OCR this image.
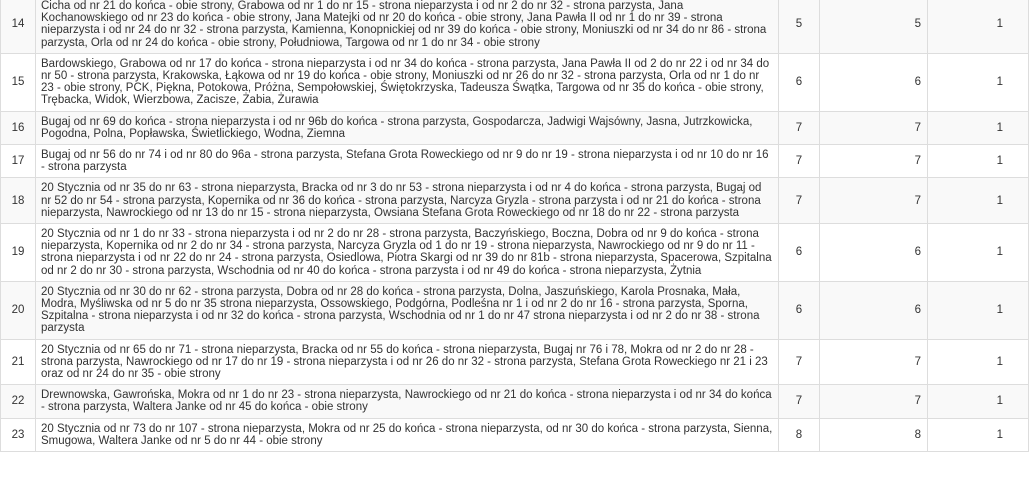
14	Cicha od nr 21 do końca - obie strony, Grabowa od nr 1 do nr 15 - strona nieparzysta i od nr 2 do nr 32 - strona parzysta, Jana Kochanowskiego od nr 23 do końca - obie strony, Jana Matejki od nr 20 do końca - obie strony, Jana Pawła II od nr 1 do nr 39 - strona nieparzysta i od nr 24 do nr 32 - strona parzysta, Kamienna, Konopnickiej od nr 39 do końca - obie strony, Moniuszki od nr 34 do nr 86 - strona parzysta, Orla od nr 24 do końca - obie strony, Południowa, Targowa od nr 1 do nr 34 - obie strony	5	5	1
15	Bardowskiego, Grabowa od nr 17 do końca - strona nieparzysta i od nr 34 do końca - strona parzysta, Jana Pawła II od 2 do nr 22 i od nr 34 do nr 50 - strona parzysta, Krakowska, Łąkowa od nr 19 do końca - obie strony, Moniuszki od nr 26 do nr 32 - strona parzysta, Orla od nr 1 do nr 23 - obie strony, PCK, Piękna, Potokowa, Próżna, Sempołowskiej, Świętokrzyska, Tadeusza Śwątka, Targowa od nr 35 do końca - obie strony, Trębacka, Widok, Wierzbowa, Zacisze, Żabia, Żurawia	6	6	1
16	Bugaj od nr 69 do końca - strona nieparzysta i od nr 96b do końca - strona parzysta, Gospodarcza, Jadwigi Wajsówny, Jasna, Jutrzkowicka, Pogodna, Polna, Popławska, Świetlickiego, Wodna, Ziemna	7	7	1
17	Bugaj od nr 56 do nr 74 i od nr 80 do 96a - strona parzysta, Stefana Grota Roweckiego od nr 9 do nr 19 - strona nieparzysta i od nr 10 do nr 16 - strona parzysta	7	7	1
18	20 Stycznia od nr 35 do nr 63 - strona nieparzysta, Bracka od nr 3 do nr 53 - strona nieparzysta i od nr 4 do końca - strona parzysta, Bugaj od nr 52 do nr 54 - strona parzysta, Kopernika od nr 36 do końca - strona parzysta, Narcyza Gryzla - strona parzysta i od nr 21 do końca - strona nieparzysta, Nawrockiego od nr 13 do nr 15 - strona nieparzysta, Owsiana Stefana Grota Roweckiego od nr 18 do nr 22 - strona parzysta	7	7	1
19	20 Stycznia od nr 1 do nr 33 - strona nieparzysta i od nr 2 do nr 28 - strona parzysta, Baczyńskiego, Boczna, Dobra od nr 9 do końca - strona nieparzysta, Kopernika od nr 2 do nr 34 - strona parzysta, Narcyza Gryzla od 1 do nr 19 - strona nieparzysta, Nawrockiego od nr 9 do nr 11 - strona nieparzysta i od nr 22 do nr 24 - strona parzysta, Osiedlowa, Piotra Skargi od nr 39 do nr 81b - strona nieparzysta, Spacerowa, Szpitalna od nr 2 do nr 30 - strona parzysta, Wschodnia od nr 40 do końca - strona parzysta i od nr 49 do końca - strona nieparzysta, Żytnia	6	6	1
20	20 Stycznia od nr 30 do nr 62 - strona parzysta, Dobra od nr 28 do końca - strona parzysta, Dolna, Jaszuńskiego, Karola Prosnaka, Mała, Modra, Myśliwska od nr 5 do nr 35 strona nieparzysta, Ossowskiego, Podgórna, Podleśna nr 1 i od nr 2 do nr 16 - strona parzysta, Sporna, Szpitalna - strona nieparzysta i od nr 32 do końca - strona parzysta, Wschodnia od nr 1 do nr 47 strona nieparzysta i od nr 2 do nr 38 - strona parzysta	6	6	1
21	20 Stycznia od nr 65 do nr 71 - strona nieparzysta, Bracka od nr 55 do końca - strona nieparzysta, Bugaj nr 76 i 78, Mokra od nr 2 do nr 28 - strona parzysta, Nawrockiego od nr 17 do nr 19 - strona nieparzysta i od nr 26 do nr 32 - strona parzysta, Stefana Grota Roweckiego nr 21 i 23 oraz od nr 24 do nr 35 - obie strony	7	7	1
22	Drewnowska, Gawrońska, Mokra od nr 1 do nr 23 - strona nieparzysta, Nawrockiego od nr 21 do końca - strona nieparzysta i od nr 34 do końca - strona parzysta, Waltera Janke od nr 45 do końca - obie strony	7	7	1
23	20 Stycznia od nr 73 do nr 107 - strona nieparzysta, Mokra od nr 25 do końca - strona nieparzysta, od nr 30 do końca - strona parzysta, Sienna, Smugowa, Waltera Janke od nr 5 do nr 44 - obie strony	8	8	1
